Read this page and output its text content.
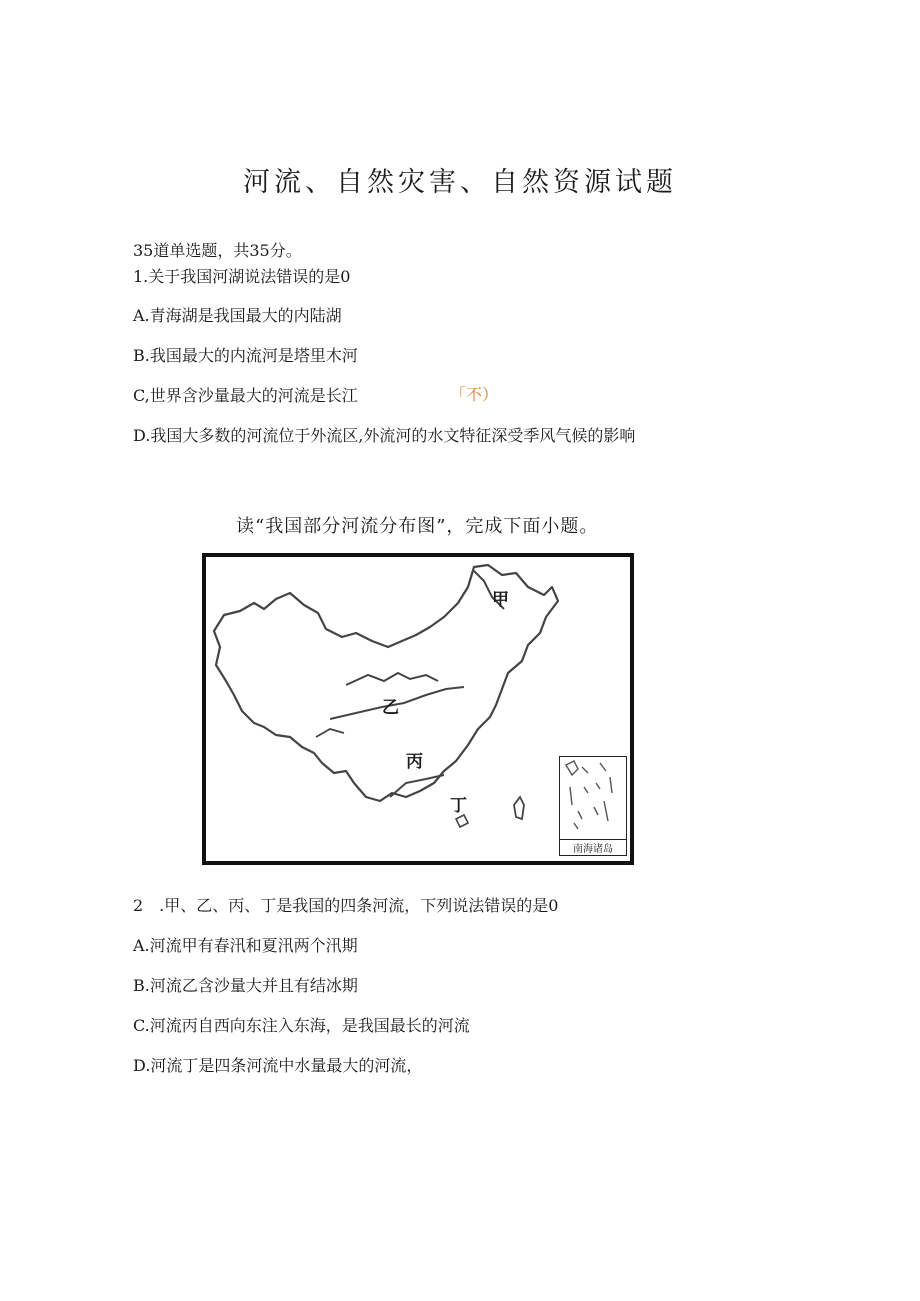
河流、自然灾害、自然资源试题
35道单选题，共35分。
1.关于我国河湖说法错误的是0
A.青海湖是我国最大的内陆湖
B.我国最大的内流河是塔里木河
C,世界含沙量最大的河流是长江	「不）
D.我国大多数的河流位于外流区,外流河的水文特征深受季风气候的影响
读“我国部分河流分布图”，完成下面小题。
甲
乙
丙
丁
南海诸岛
2　.甲、乙、丙、丁是我国的四条河流，下列说法错误的是0
A.河流甲有春汛和夏汛两个汛期
B.河流乙含沙量大并且有结冰期
C.河流丙自西向东注入东海，是我国最长的河流
D.河流丁是四条河流中水量最大的河流，
